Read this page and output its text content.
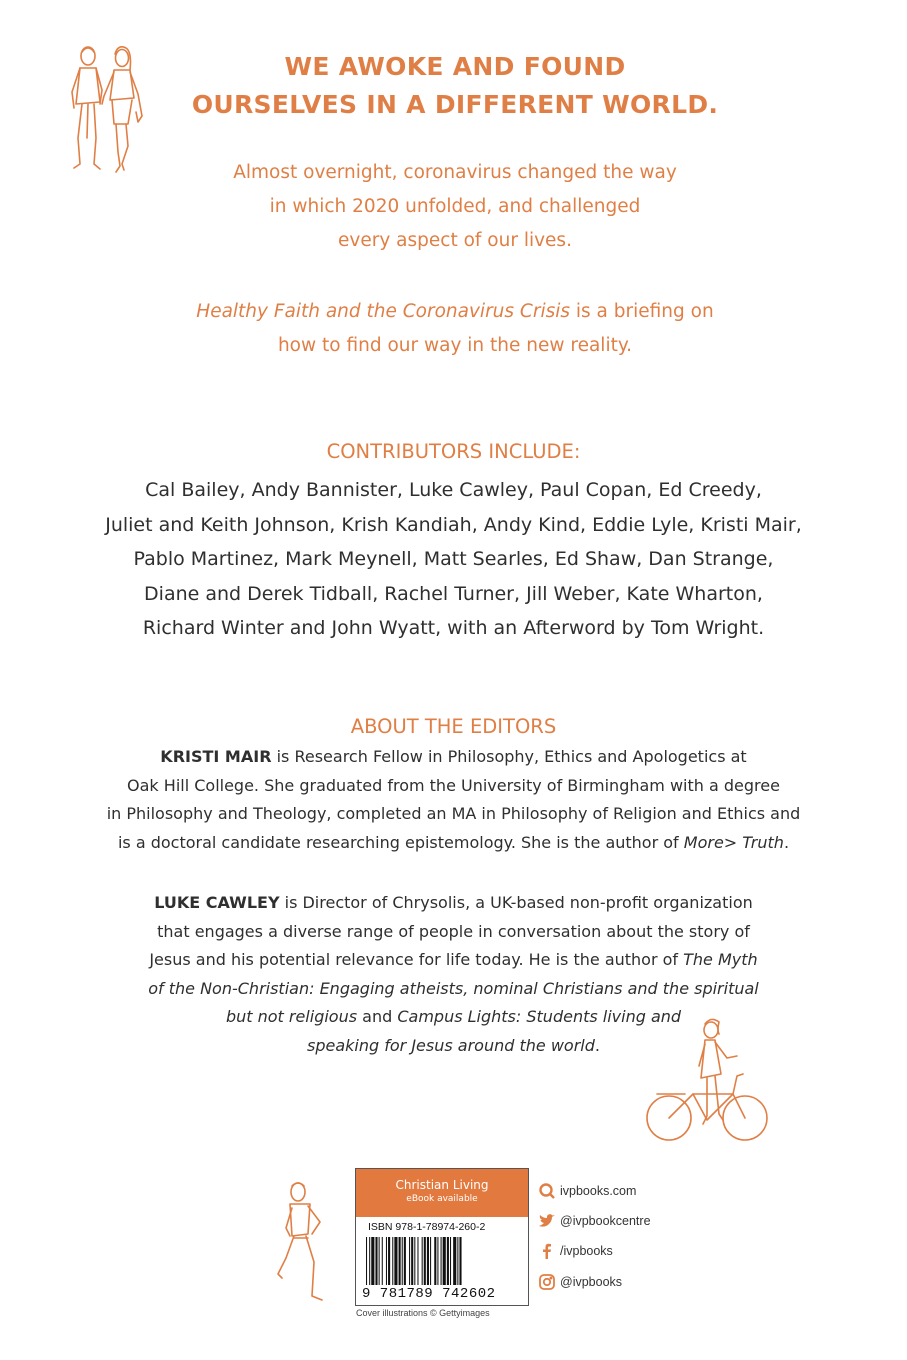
WE AWOKE AND FOUND
OURSELVES IN A DIFFERENT WORLD.
Almost overnight, coronavirus changed the way
in which 2020 unfolded, and challenged
every aspect of our lives.
Healthy Faith and the Coronavirus Crisis is a briefing on
how to find our way in the new reality.
CONTRIBUTORS INCLUDE:
Cal Bailey, Andy Bannister, Luke Cawley, Paul Copan, Ed Creedy,
Juliet and Keith Johnson, Krish Kandiah, Andy Kind, Eddie Lyle, Kristi Mair,
Pablo Martinez, Mark Meynell, Matt Searles, Ed Shaw, Dan Strange,
Diane and Derek Tidball, Rachel Turner, Jill Weber, Kate Wharton,
Richard Winter and John Wyatt, with an Afterword by Tom Wright.
ABOUT THE EDITORS
KRISTI MAIR is Research Fellow in Philosophy, Ethics and Apologetics at
Oak Hill College. She graduated from the University of Birmingham with a degree
in Philosophy and Theology, completed an MA in Philosophy of Religion and Ethics and
is a doctoral candidate researching epistemology. She is the author of More> Truth.
LUKE CAWLEY is Director of Chrysolis, a UK-based non-profit organization
that engages a diverse range of people in conversation about the story of
Jesus and his potential relevance for life today. He is the author of The Myth
of the Non-Christian: Engaging atheists, nominal Christians and the spiritual
but not religious and Campus Lights: Students living and
speaking for Jesus around the world.
Christian Living
eBook available
ISBN 978-1-78974-260-2
9 781789 742602
Cover illustrations © Gettyimages
ivpbooks.com
@ivpbookcentre
/ivpbooks
@ivpbooks
